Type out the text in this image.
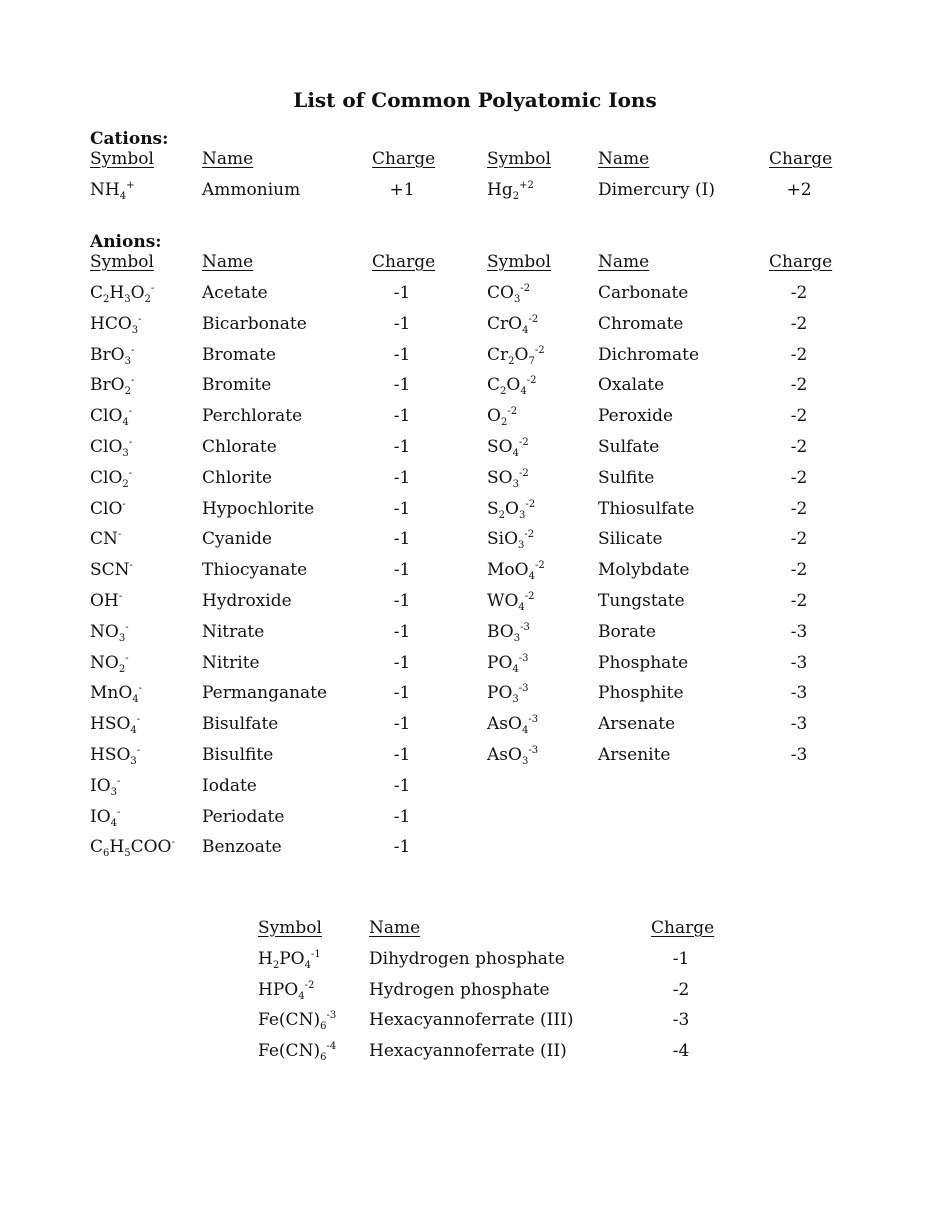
List of Common Polyatomic Ions
Cations:
Symbol	Name	Charge	Symbol	Name	Charge
$NH_4^+$	Ammonium	+1	$Hg_2^{+2}$	Dimercury (I)	+2
Anions:
Symbol	Name	Charge	Symbol	Name	Charge
$C_2H_3O_2^-$	Acetate	-1	$CO_3^{-2}$	Carbonate	-2
$HCO_3^-$	Bicarbonate	-1	CrO$_4^{-2}$	Chromate	-2
BrO$_3$-	Bromate	-1	$Cr_2O_7^{-2}$	Dichromate	-2
BrO$_2$-	Bromite	-1	$C_2O_4^{-2}$	Oxalate	-2
ClO$_4$-	Perchlorate	-1	$O_2^{-2}$	Peroxide	-2
ClO$_3$-	Chlorate	-1	$SO_4^{-2}$	Sulfate	-2
ClO$_2$-	Chlorite	-1	$SO_3^{-2}$	Sulfite	-2
ClO-	Hypochlorite	-1	$S_2O_3^{-2}$	Thiosulfate	-2
CN-	Cyanide	-1	SiO$_3^{-2}$	Silicate	-2
SCN-	Thiocyanate	-1	MoO$_4^{-2}$	Molybdate	-2
OH-	Hydroxide	-1	$WO_4^{-2}$	Tungstate	-2
$NO_3^-$	Nitrate	-1	$BO_3^{-3}$	Borate	-3
$NO_2^-$	Nitrite	-1	$PO_4^{-3}$	Phosphate	-3
MnO$_4$-	Permanganate	-1	$PO_3^{-3}$	Phosphite	-3
$HSO_4^-$	Bisulfate	-1	AsO$_4^{-3}$	Arsenate	-3
$HSO_3^-$	Bisulfite	-1	AsO$_3^{-3}$	Arsenite	-3
$IO_3^-$	Iodate	-1
$IO_4^-$	Periodate	-1
$C_6H_5COO^-$ Benzoate	-1
Symbol	Name	Charge
$H_2PO_4^{-1}$	Dihydrogen phosphate	-1
$HPO_4^{-2}$	Hydrogen phosphate	-2
$Fe(CN)_6^{-3}$ Hexacyannoferrate (III)	-3
$Fe(CN)_6^{-4}$ Hexacyannoferrate (II)	-4
